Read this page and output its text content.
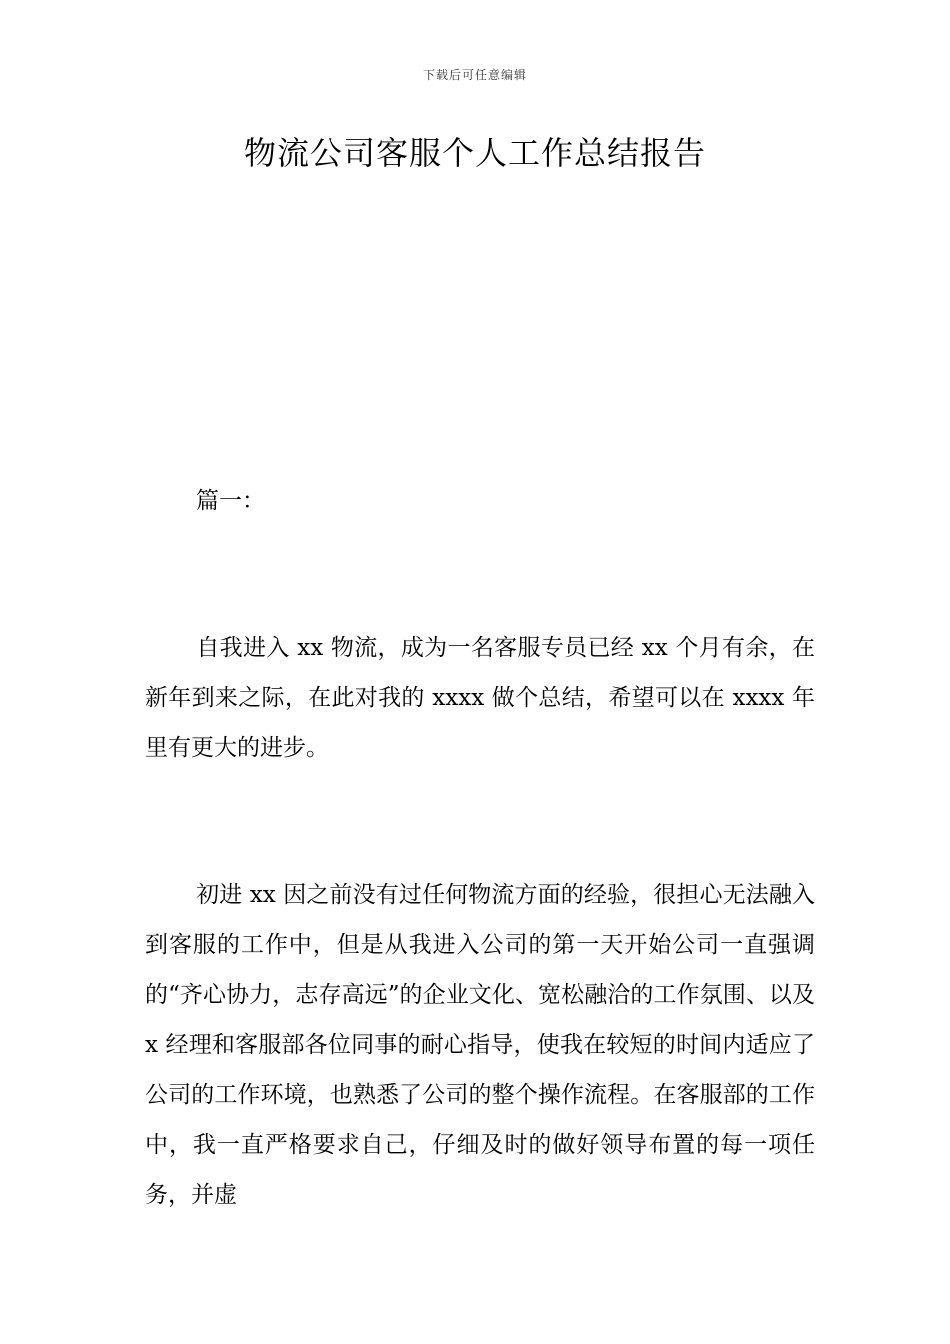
下载后可任意编辑
物流公司客服个人工作总结报告
篇一：

自我进入 xx 物流，成为一名客服专员已经 xx 个月有余，在新年到来之际，在此对我的 xxxx 做个总结，希望可以在 xxxx 年里有更大的进步。

初进 xx 因之前没有过任何物流方面的经验，很担心无法融入到客服的工作中，但是从我进入公司的第一天开始公司一直强调的“齐心协力，志存高远”的企业文化、宽松融洽的工作氛围、以及 x 经理和客服部各位同事的耐心指导，使我在较短的时间内适应了公司的工作环境，也熟悉了公司的整个操作流程。在客服部的工作中，我一直严格要求自己，仔细及时的做好领导布置的每一项任务，并虚
